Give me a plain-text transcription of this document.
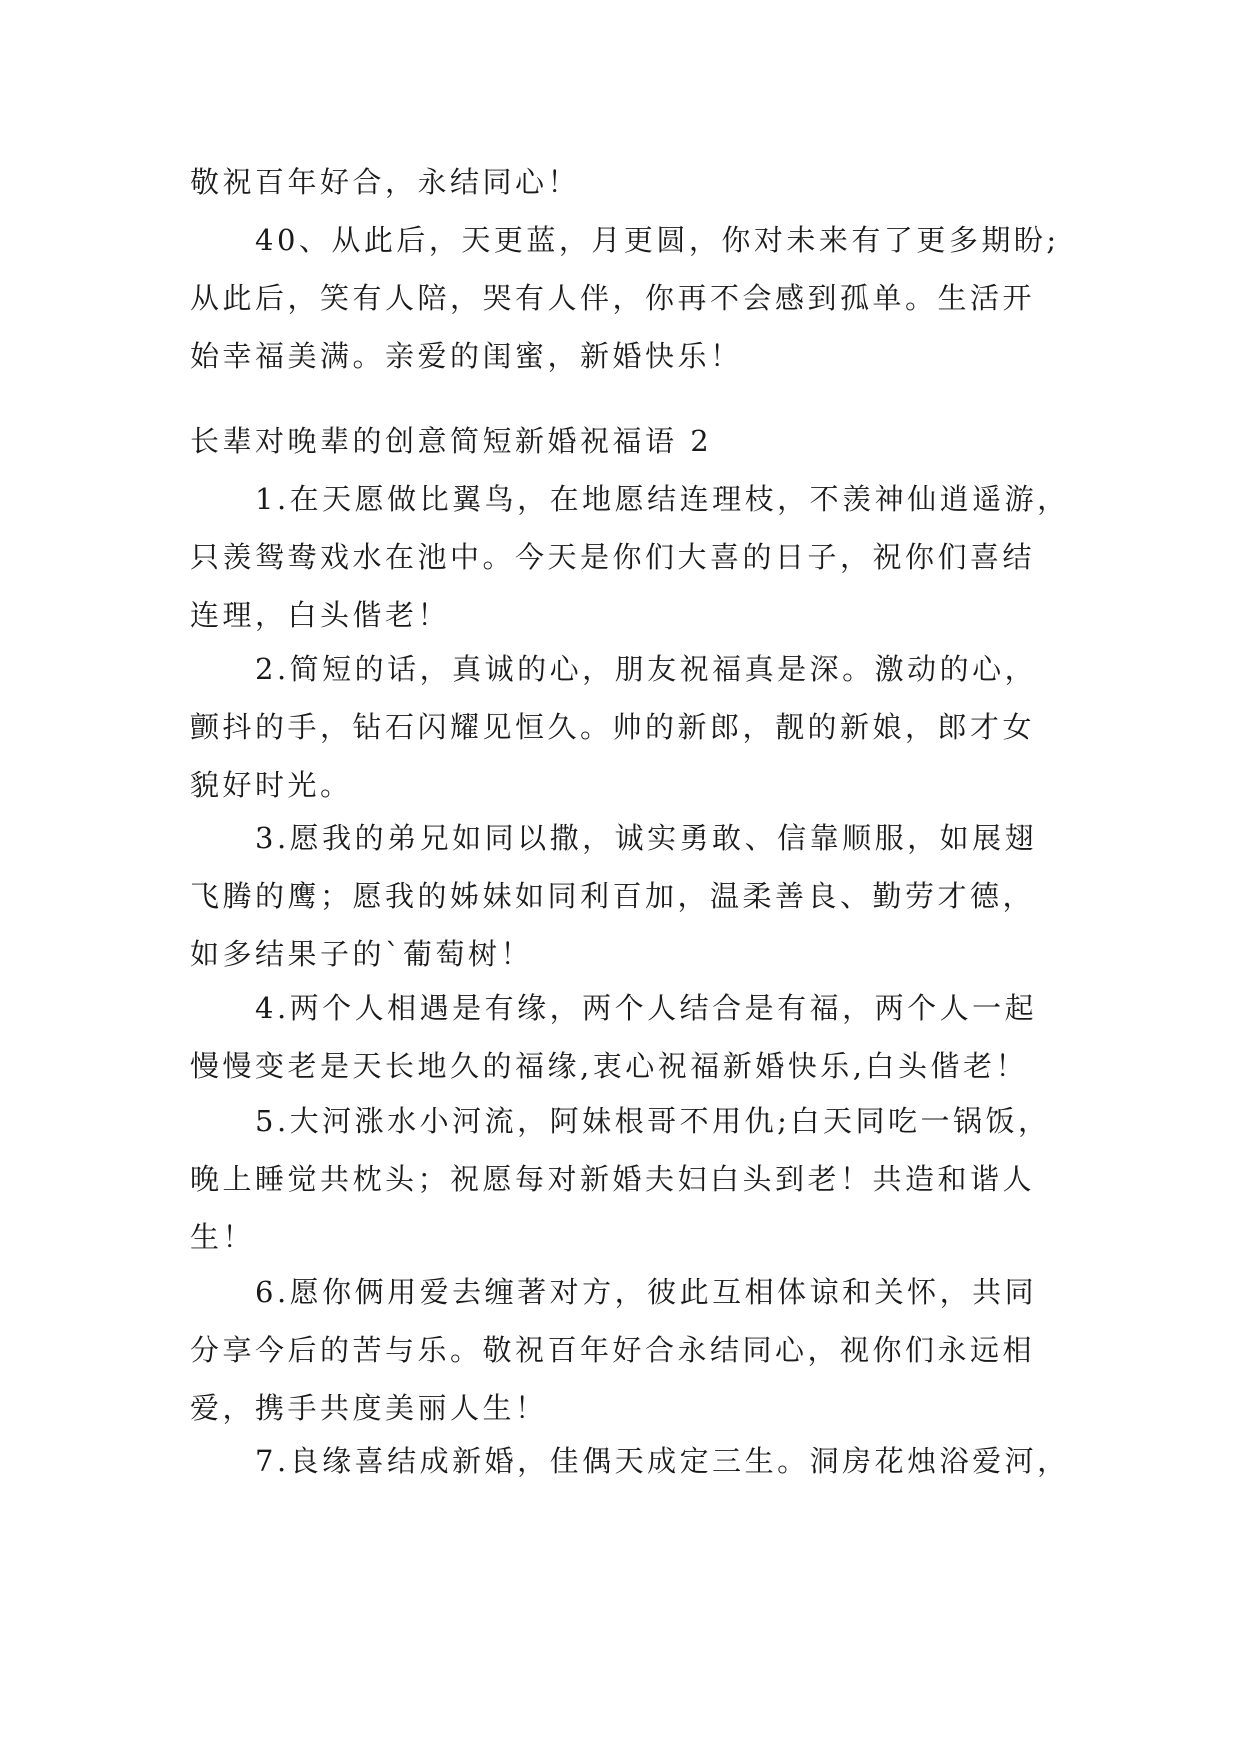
敬祝百年好合，永结同心！

40、从此后，天更蓝，月更圆，你对未来有了更多期盼;
从此后，笑有人陪，哭有人伴，你再不会感到孤单。生活开
始幸福美满。亲爱的闺蜜，新婚快乐！

长辈对晚辈的创意简短新婚祝福语 2

1.在天愿做比翼鸟，在地愿结连理枝，不羡神仙逍遥游，
只羡鸳鸯戏水在池中。今天是你们大喜的日子，祝你们喜结
连理，白头偕老！

2.简短的话，真诚的心，朋友祝福真是深。激动的心，
颤抖的手，钻石闪耀见恒久。帅的新郎，靓的新娘，郎才女
貌好时光。

3.愿我的弟兄如同以撒，诚实勇敢、信靠顺服，如展翅
飞腾的鹰；愿我的姊妹如同利百加，温柔善良、勤劳才德，
如多结果子的`葡萄树！

4.两个人相遇是有缘，两个人结合是有福，两个人一起
慢慢变老是天长地久的福缘,衷心祝福新婚快乐,白头偕老！

5.大河涨水小河流，阿妹根哥不用仇;白天同吃一锅饭，
晚上睡觉共枕头；祝愿每对新婚夫妇白头到老！共造和谐人
生！

6.愿你俩用爱去缠著对方，彼此互相体谅和关怀，共同
分享今后的苦与乐。敬祝百年好合永结同心，视你们永远相
爱，携手共度美丽人生！

7.良缘喜结成新婚，佳偶天成定三生。洞房花烛浴爱河，
